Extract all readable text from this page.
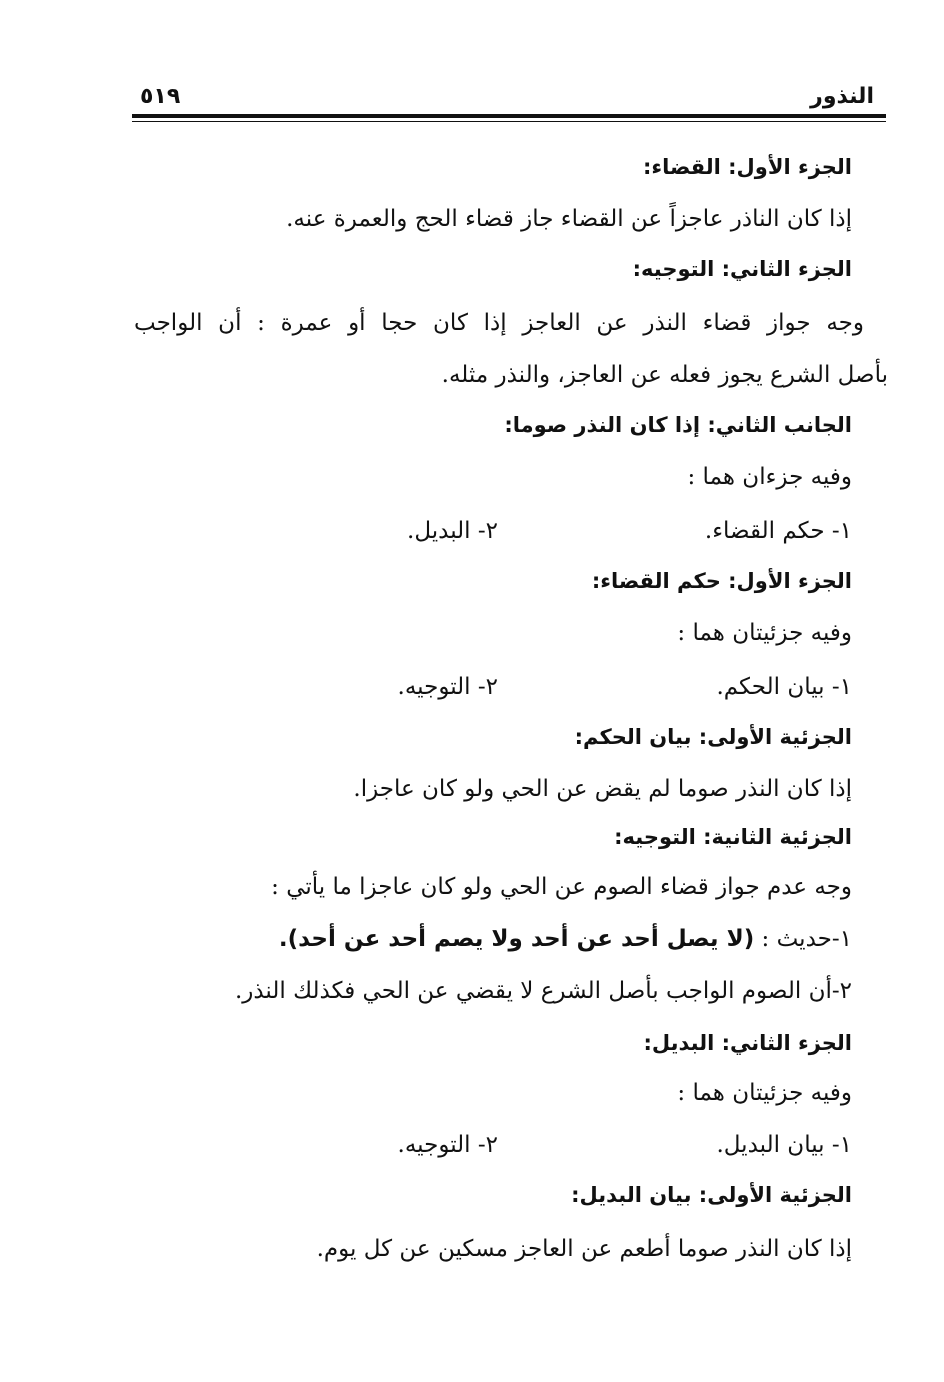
النذور
٥١٩
الجزء الأول: القضاء:
إذا كان الناذر عاجزاً عن القضاء جاز قضاء الحج والعمرة عنه.
الجزء الثاني: التوجيه:
وجه جواز قضاء النذر عن العاجز إذا كان حجا أو عمرة : أن الواجب
بأصل الشرع يجوز فعله عن العاجز، والنذر مثله.
الجانب الثاني: إذا كان النذر صوما:
وفيه جزءان هما :
١- حكم القضاء.
٢- البديل.
الجزء الأول: حكم القضاء:
وفيه جزئيتان هما :
١- بيان الحكم.
٢- التوجيه.
الجزئية الأولى: بيان الحكم:
إذا كان النذر صوما لم يقض عن الحي ولو كان عاجزا.
الجزئية الثانية: التوجيه:
وجه عدم جواز قضاء الصوم عن الحي ولو كان عاجزا ما يأتي :
١-حديث : (لا يصل أحد عن أحد ولا يصم أحد عن أحد).
٢-أن الصوم الواجب بأصل الشرع لا يقضي عن الحي فكذلك النذر.
الجزء الثاني: البديل:
وفيه جزئيتان هما :
١- بيان البديل.
٢- التوجيه.
الجزئية الأولى: بيان البديل:
إذا كان النذر صوما أطعم عن العاجز مسكين عن كل يوم.
